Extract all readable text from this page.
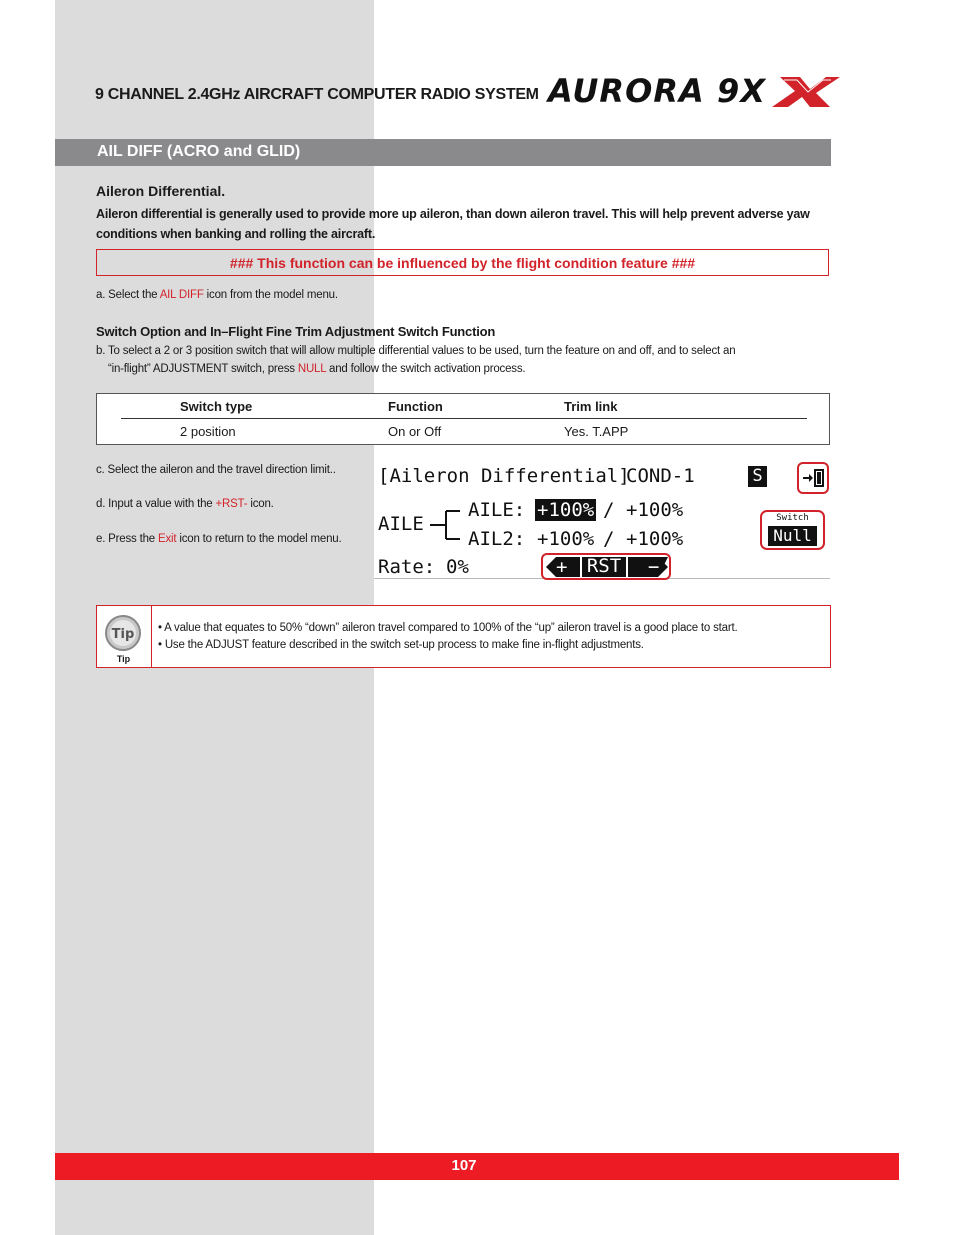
9 CHANNEL 2.4GHz AIRCRAFT COMPUTER RADIO SYSTEM AURORA 9X
AIL DIFF (ACRO and GLID)
Aileron Differential.
Aileron differential is generally used to provide more up aileron, than down aileron travel. This will help prevent adverse yaw conditions when banking and rolling the aircraft.
### This function can be influenced by the flight condition feature ###
a. Select the AIL DIFF icon from the model menu.
Switch Option and In–Flight Fine Trim Adjustment Switch Function
b. To select a 2 or 3 position switch that will allow multiple differential values to be used, turn the feature on and off, and to select an
“in-flight” ADJUSTMENT switch, press NULL and follow the switch activation process.
Switch type	Function	Trim link
2 position	On or Off	Yes. T.APP
c. Select the aileron and the travel direction limit..
d. Input a value with the +RST- icon.
e. Press the Exit icon to return to the model menu.
[Aileron Differential]
COND-1	S
AILE
AILE: +100% / +100%
AIL2: +100% / +100%
Switch
Null
Rate: 0%	+	RST	−
Tip
Tip
• A value that equates to 50% “down” aileron travel compared to 100% of the “up” aileron travel is a good place to start.
• Use the ADJUST feature described in the switch set-up process to make fine in-flight adjustments.
107
